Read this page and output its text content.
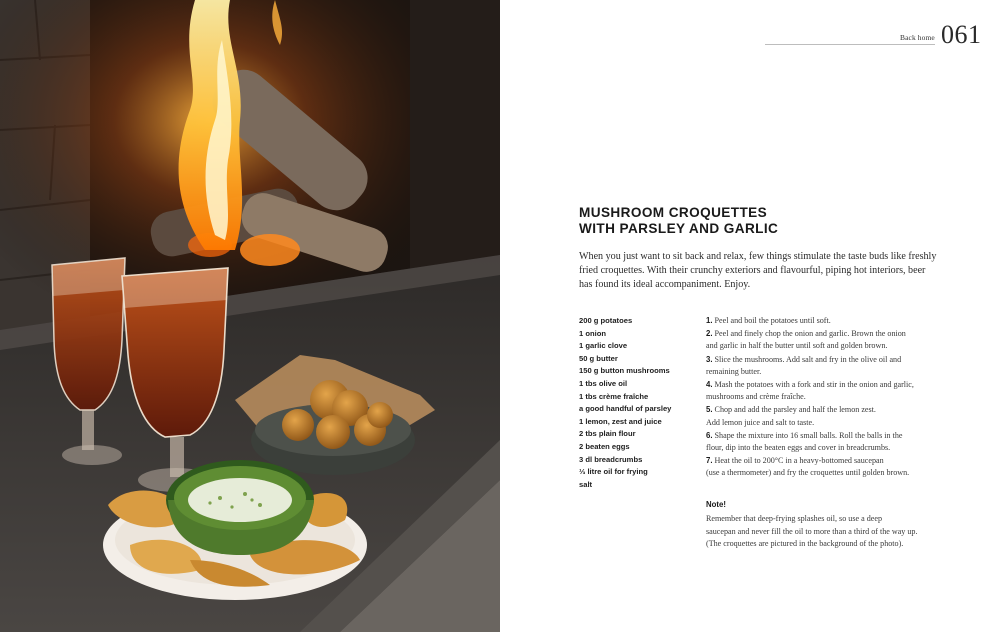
Back home 061
MUSHROOM CROQUETTES
WITH PARSLEY AND GARLIC
When you just want to sit back and relax, few things stimulate the taste buds like freshly
fried croquettes. With their crunchy exteriors and flavourful, piping hot interiors, beer
has found its ideal accompaniment. Enjoy.
200 g potatoes
1 onion
1 garlic clove
50 g butter
150 g button mushrooms
1 tbs olive oil
1 tbs crème fraîche
a good handful of parsley
1 lemon, zest and juice
2 tbs plain flour
2 beaten eggs
3 dl breadcrumbs
⅓ litre oil for frying
salt
1. Peel and boil the potatoes until soft.
2. Peel and finely chop the onion and garlic. Brown the onion
and garlic in half the butter until soft and golden brown.
3. Slice the mushrooms. Add salt and fry in the olive oil and
remaining butter.
4. Mash the potatoes with a fork and stir in the onion and garlic,
mushrooms and crème fraîche.
5. Chop and add the parsley and half the lemon zest.
Add lemon juice and salt to taste.
6. Shape the mixture into 16 small balls. Roll the balls in the
flour, dip into the beaten eggs and cover in breadcrumbs.
7. Heat the oil to 200°C in a heavy-bottomed saucepan
(use a thermometer) and fry the croquettes until golden brown.
Note!
Remember that deep-frying splashes oil, so use a deep
saucepan and never fill the oil to more than a third of the way up.
(The croquettes are pictured in the background of the photo).
